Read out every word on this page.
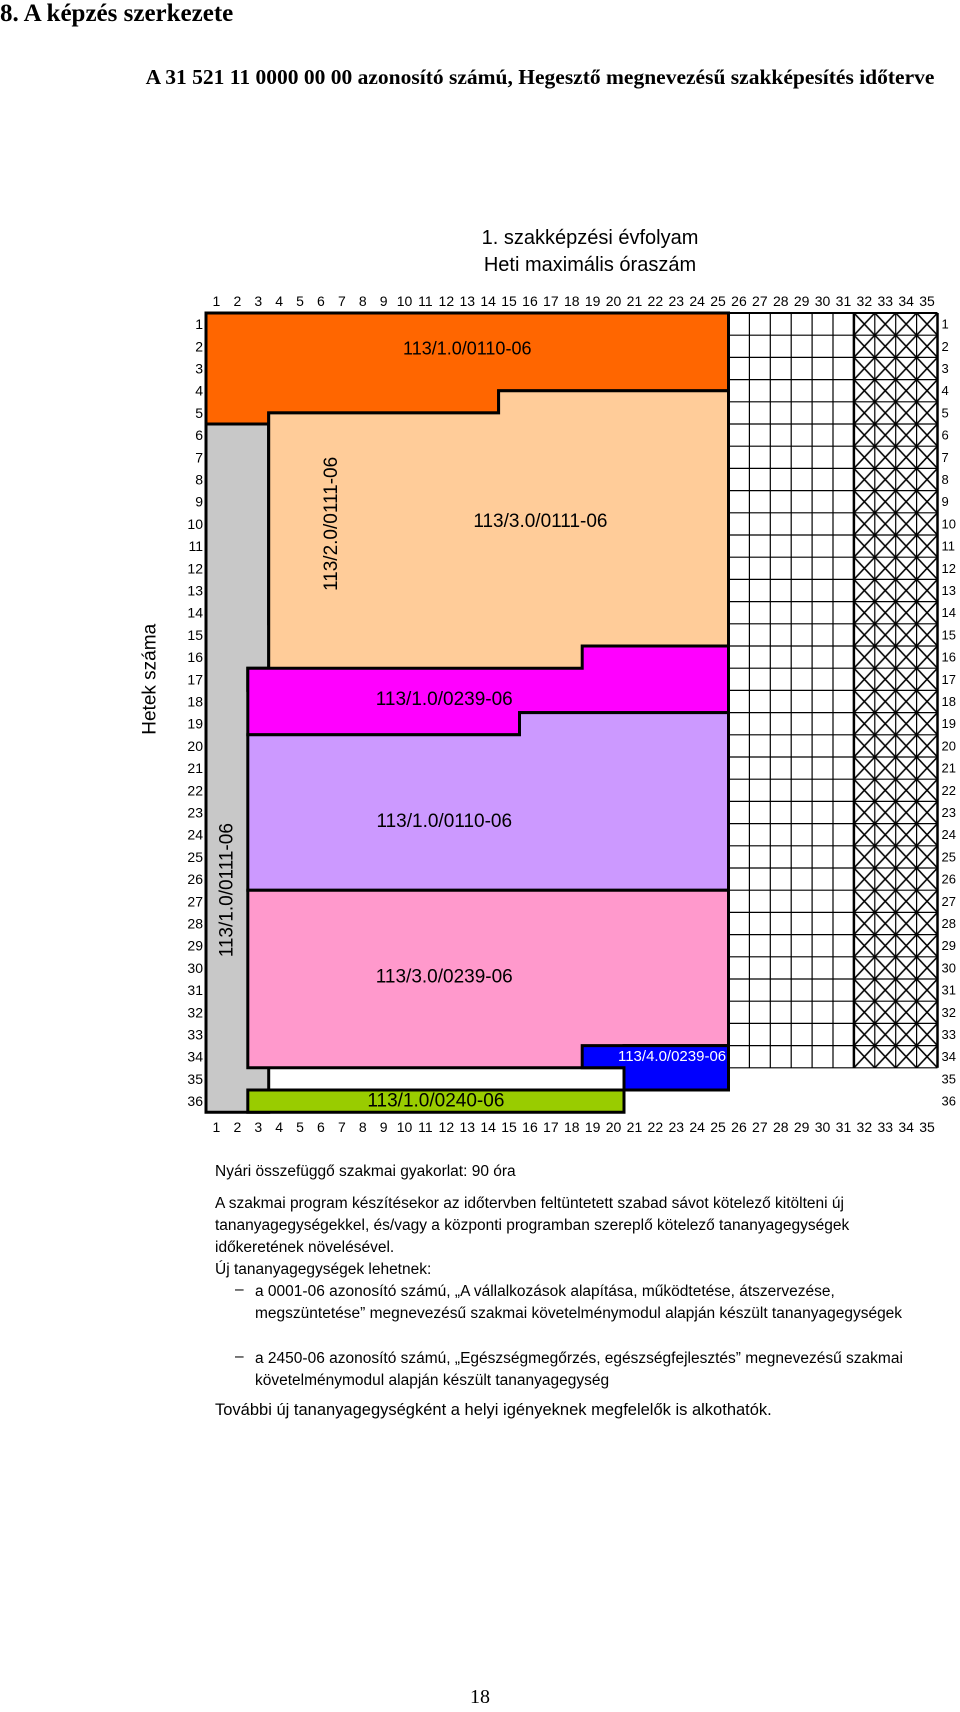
8. A képzés szerkezete
A 31 521 11 0000 00 00 azonosító számú, Hegesztő megnevezésű szakképesítés időterve
1. szakképzési évfolyam
Heti maximális óraszám
1
1
2
2
3
3
4
4
5
5
6
6
7
7
8
8
9
9
10
10
11
11
12
12
13
13
14
14
15
15
16
16
17
17
18
18
19
19
20
20
21
21
22
22
23
23
24
24
25
25
26
26
27
27
28
28
29
29
30
30
31
31
32
32
33
33
34
34
35
35
1	1
2	2
3	3
4	4
5	5
6	6
7	7
8	8
9	9
10	10
11	11
12	12
13	13
14	14
15	15
16	16
17	17
18	18
19	19
20	20
21	21
22	22
23	23
24	24
25	25
26	26
27	27
28	28
29	29
30	30
31	31
32	32
33	33
34	34
35	35
36	36
Hetek száma
113/1.0/0110-06
113/1.0/0111-06
113/2.0/0111-06	113/3.0/0111-06
113/1.0/0239-06
113/1.0/0110-06
113/3.0/0239-06
113/4.0/0239-06
113/1.0/0240-06
Nyári összefüggő szakmai gyakorlat: 90 óra
A szakmai program készítésekor az időtervben feltüntetett szabad sávot kötelező kitölteni új tananyagegységekkel, és/vagy a központi programban szereplő kötelező tananyagegységek időkeretének növelésével.
Új tananyagegységek lehetnek:
– a 0001-06 azonosító számú, „A vállalkozások alapítása, működtetése, átszervezése, megszüntetése” megnevezésű szakmai követelménymodul alapján készült tananyagegységek
– a 2450-06 azonosító számú, „Egészségmegőrzés, egészségfejlesztés” megnevezésű szakmai követelménymodul alapján készült tananyagegység
További új tananyagegységként a helyi igényeknek megfelelők is alkothatók.
18
